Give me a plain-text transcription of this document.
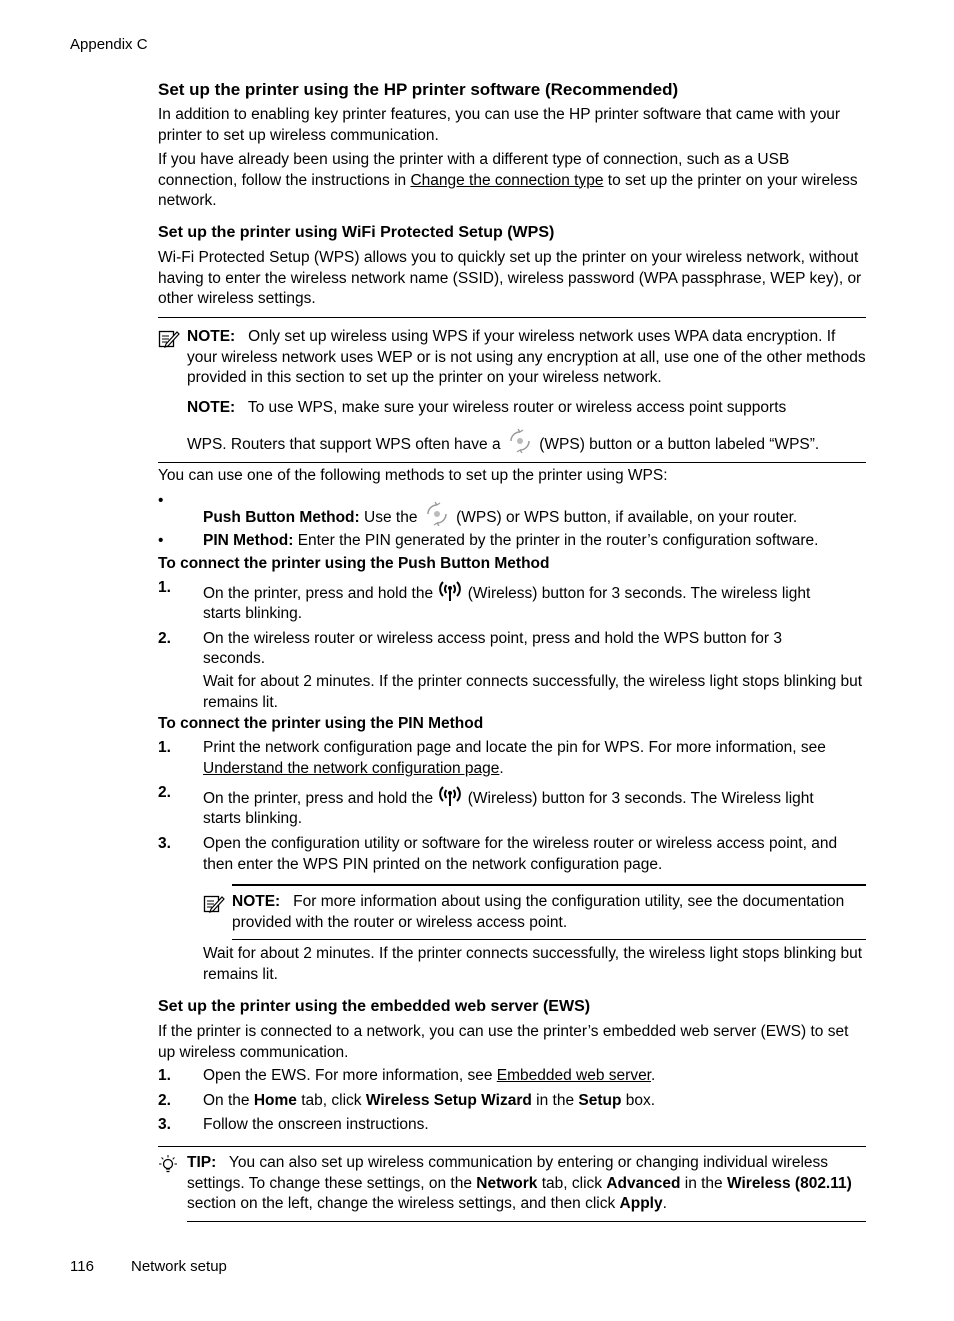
Appendix C
Set up the printer using the HP printer software (Recommended)
In addition to enabling key printer features, you can use the HP printer software that came with your printer to set up wireless communication.
If you have already been using the printer with a different type of connection, such as a USB connection, follow the instructions in Change the connection type to set up the printer on your wireless network.
Set up the printer using WiFi Protected Setup (WPS)
Wi-Fi Protected Setup (WPS) allows you to quickly set up the printer on your wireless network, without having to enter the wireless network name (SSID), wireless password (WPA passphrase, WEP key), or other wireless settings.
NOTE: Only set up wireless using WPS if your wireless network uses WPA data encryption. If your wireless network uses WEP or is not using any encryption at all, use one of the other methods provided in this section to set up the printer on your wireless network.
NOTE: To use WPS, make sure your wireless router or wireless access point supports
WPS. Routers that support WPS often have a (WPS) button or a button labeled “WPS”.
You can use one of the following methods to set up the printer using WPS:
•
Push Button Method: Use the (WPS) or WPS button, if available, on your router.
•	PIN Method: Enter the PIN generated by the printer in the router’s configuration software.
To connect the printer using the Push Button Method
1. On the printer, press and hold the (Wireless) button for 3 seconds. The wireless light
starts blinking.
2. On the wireless router or wireless access point, press and hold the WPS button for 3
seconds.
Wait for about 2 minutes. If the printer connects successfully, the wireless light stops blinking but remains lit.
To connect the printer using the PIN Method
1. Print the network configuration page and locate the pin for WPS. For more information, see Understand the network configuration page.
2. On the printer, press and hold the (Wireless) button for 3 seconds. The Wireless light
starts blinking.
3. Open the configuration utility or software for the wireless router or wireless access point, and then enter the WPS PIN printed on the network configuration page.
NOTE: For more information about using the configuration utility, see the documentation provided with the router or wireless access point.
Wait for about 2 minutes. If the printer connects successfully, the wireless light stops blinking but remains lit.
Set up the printer using the embedded web server (EWS)
If the printer is connected to a network, you can use the printer’s embedded web server (EWS) to set up wireless communication.
1. Open the EWS. For more information, see Embedded web server.
2. On the Home tab, click Wireless Setup Wizard in the Setup box.
3. Follow the onscreen instructions.
TIP: You can also set up wireless communication by entering or changing individual wireless settings. To change these settings, on the Network tab, click Advanced in the Wireless (802.11) section on the left, change the wireless settings, and then click Apply.
116 Network setup
